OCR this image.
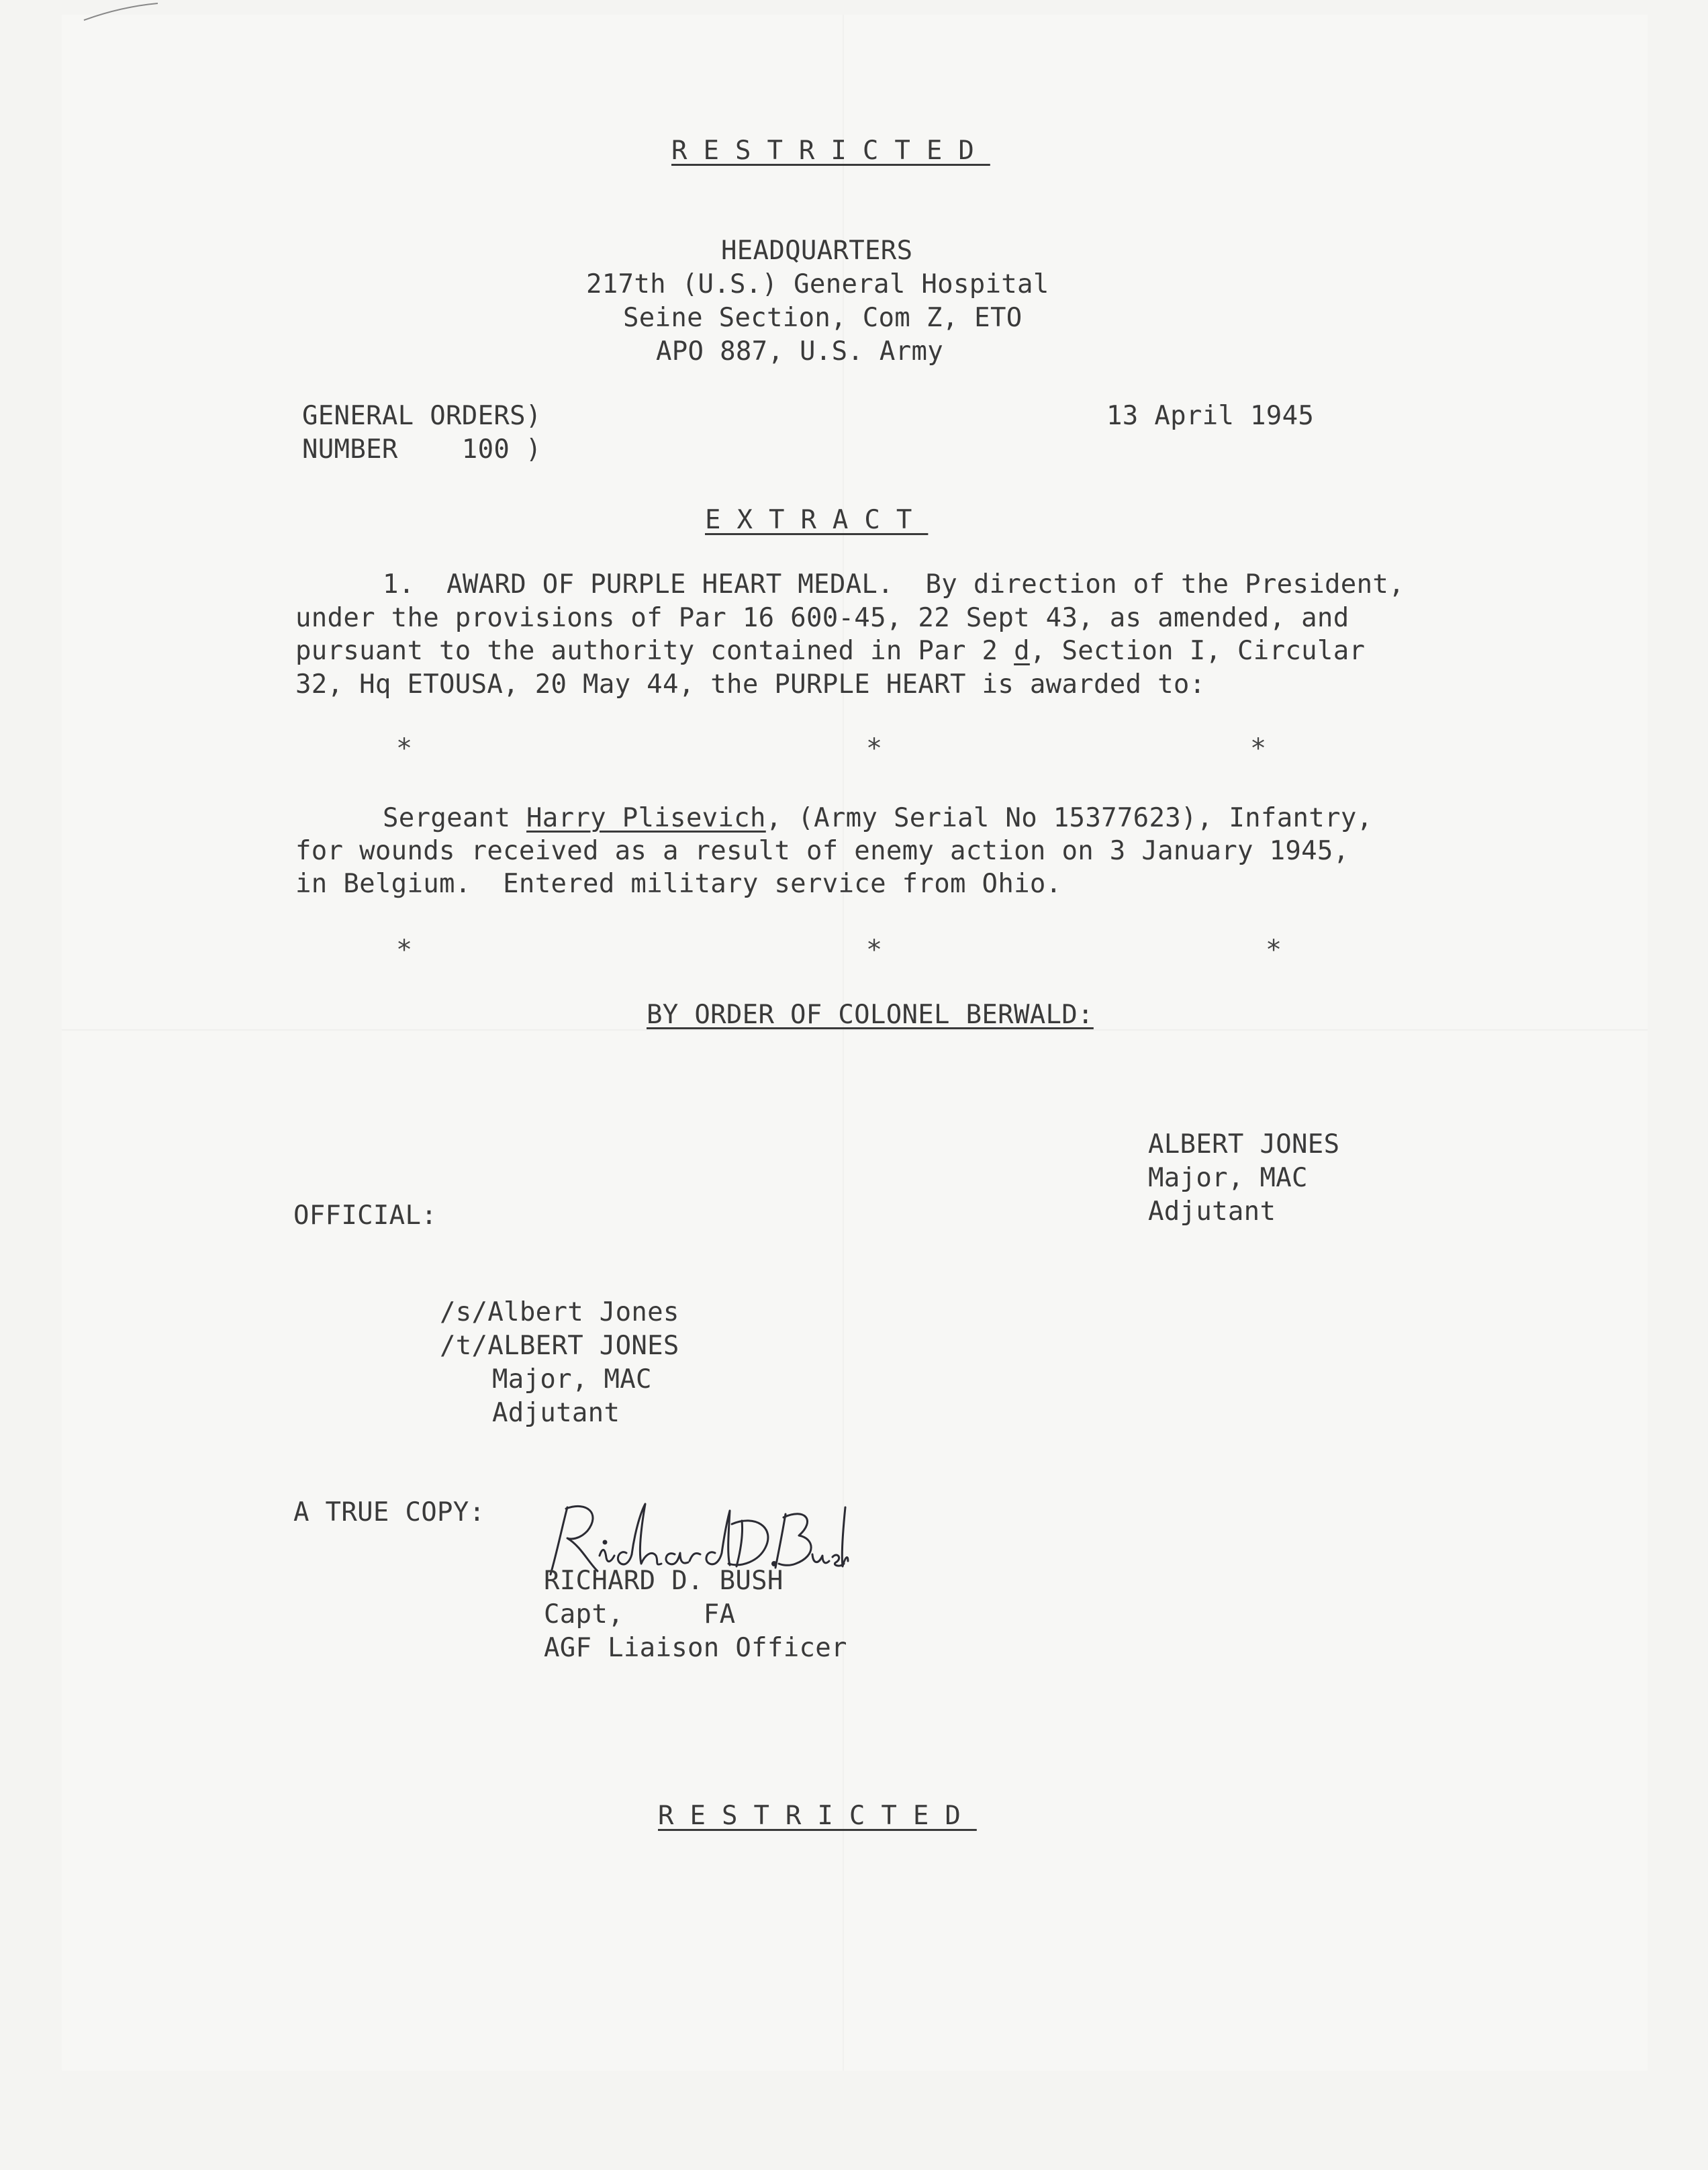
RESTRICTED
HEADQUARTERS
217th (U.S.) General Hospital
Seine Section, Com Z, ETO
APO 887, U.S. Army
GENERAL ORDERS)
NUMBER    100 )
13 April 1945
EXTRACT
1.  AWARD OF PURPLE HEART MEDAL.  By direction of the President,
under the provisions of Par 16 600-45, 22 Sept 43, as amended, and
pursuant to the authority contained in Par 2 d, Section I, Circular
32, Hq ETOUSA, 20 May 44, the PURPLE HEART is awarded to:
*	*	*
Sergeant Harry Plisevich, (Army Serial No 15377623), Infantry,
for wounds received as a result of enemy action on 3 January 1945,
in Belgium.  Entered military service from Ohio.
*	*	*
BY ORDER OF COLONEL BERWALD:
ALBERT JONES
Major, MAC
Adjutant
OFFICIAL:
/s/Albert Jones
/t/ALBERT JONES
Major, MAC
Adjutant
A TRUE COPY:
RICHARD D. BUSH
Capt,     FA
AGF Liaison Officer
RESTRICTED
